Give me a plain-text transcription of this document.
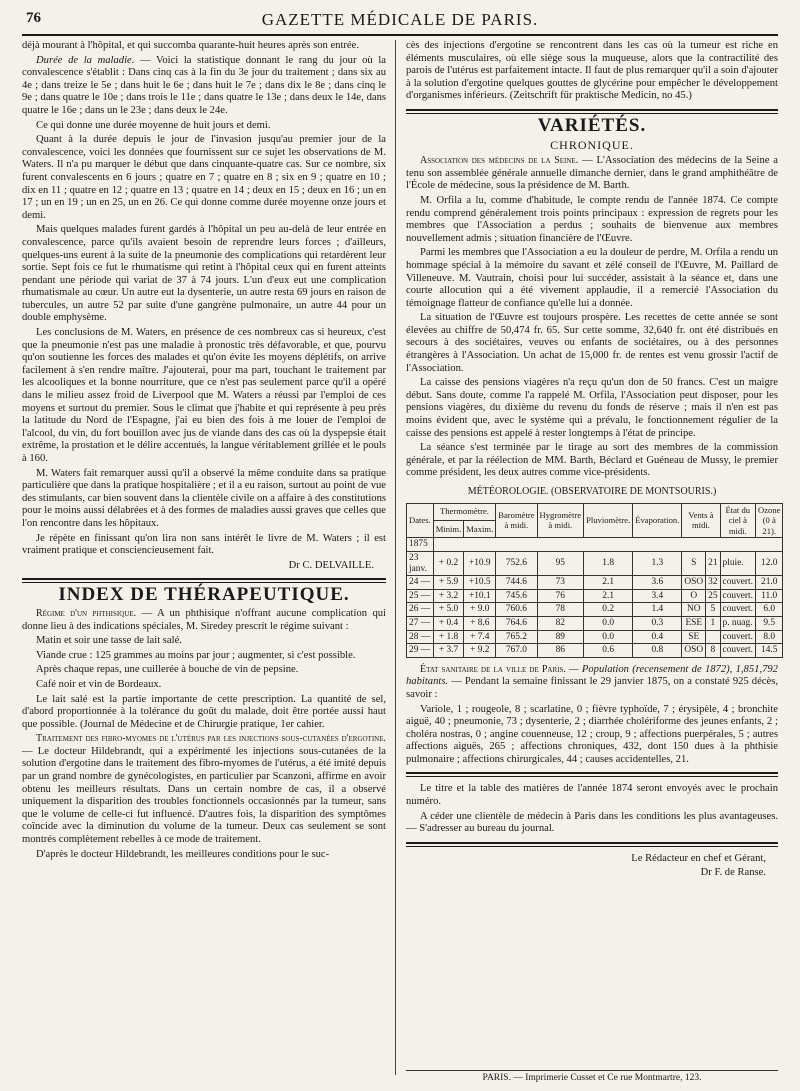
76	GAZETTE MÉDICALE DE PARIS.

déjà mourant à l'hôpital, et qui succomba quarante-huit heures après son entrée.

Durée de la maladie. — Voici la statistique donnant le rang du jour où la convalescence s'établit : Dans cinq cas à la fin du 3e jour du traitement ; dans six au 4e ; dans treize le 5e ; dans huit le 6e ; dans huit le 7e ; dans dix le 8e ; dans cinq le 9e ; dans quatre le 10e ; dans trois le 11e ; dans quatre le 13e ; dans deux le 14e, dans quatre le 16e ; dans un le 23e ; dans deux le 24e.

Ce qui donne une durée moyenne de huit jours et demi.

Quant à la durée depuis le jour de l'invasion jusqu'au premier jour de la convalescence, voici les données que fournissent sur ce sujet les observations de M. Waters. Il n'a pu marquer le début que dans cinquante-quatre cas. Sur ce nombre, six furent convalescents en 6 jours ; quatre en 7 ; quatre en 8 ; six en 9 ; quatre en 10 ; dix en 11 ; quatre en 12 ; quatre en 13 ; quatre en 14 ; deux en 15 ; deux en 16 ; un en 17 ; un en 19 ; un en 25, un en 26. Ce qui donne comme durée moyenne onze jours et demi.

Mais quelques malades furent gardés à l'hôpital un peu au-delà de leur entrée en convalescence, parce qu'ils avaient besoin de reprendre leurs forces ; d'ailleurs, quelques-uns eurent à la suite de la pneumonie des complications qui retardèrent leur sortie. Sept fois ce fut le rhumatisme qui retint à l'hôpital ceux qui en furent atteints pendant une période qui variat de 37 à 74 jours. L'un d'eux eut une complication rhumatismale au cœur. Un autre eut la dysenterie, un autre resta 69 jours en raison de tubercules, un autre 52 par suite d'une gangrène pulmonaire, un autre 44 pour un double emphysème.

Les conclusions de M. Waters, en présence de ces nombreux cas si heureux, c'est que la pneumonie n'est pas une maladie à pronostic très défavorable, et que, pourvu qu'on soutienne les forces des malades et qu'on évite les moyens déplétifs, on arrive facilement à s'en rendre maître. J'ajouterai, pour ma part, touchant le traitement par les alcooliques et la bonne nourriture, que ce n'est pas seulement parce qu'il a opéré dans le milieu assez froid de Liverpool que M. Waters a réussi par l'emploi de ces moyens et surtout du premier. Sous le climat que j'habite et qui représente à peu près la latitude du Nord de l'Espagne, j'ai eu bien des fois à me louer de l'emploi de l'alcool, du vin, du fort bouillon avec jus de viande dans des cas où la dyspepsie était extrême, la prostation et le délire accentués, la langue véritablement grillée et le pouls à 160.

M. Waters fait remarquer aussi qu'il a observé la même conduite dans sa pratique particulière que dans la pratique hospitalière ; et il a eu raison, surtout au point de vue des stimulants, car bien souvent dans la clientèle civile on a affaire à des constitutions pour le moins aussi délabrées et à des formes de maladies aussi graves que celles que l'on rencontre dans les hôpitaux.

Je répète en finissant qu'on lira non sans intérêt le livre de M. Waters ; il est vraiment pratique et consciencieusement fait.

Dr C. DELVAILLE.

INDEX DE THÉRAPEUTIQUE.

Régime d'un phthisique. — A un phthisique n'offrant aucune complication qui donne lieu à des indications spéciales, M. Siredey prescrit le régime suivant :

Matin et soir une tasse de lait salé.

Viande crue : 125 grammes au moins par jour ; augmenter, si c'est possible.

Après chaque repas, une cuillerée à bouche de vin de pepsine.

Café noir et vin de Bordeaux.

Le lait salé est la partie importante de cette prescription. La quantité de sel, d'abord proportionnée à la tolérance du goût du malade, doit être portée aussi haut que possible. (Journal de Médecine et de Chirurgie pratique, 1er cahier.

Traitement des fibro-myomes de l'utérus par les injections sous-cutanées d'ergotine. — Le docteur Hildebrandt, qui a expérimenté les injections sous-cutanées de la solution d'ergotine dans le traitement des fibro-myomes de l'utérus, a été imité depuis par un grand nombre de gynécologistes, en particulier par Scanzoni, affirme en avoir obtenu les meilleurs résultats. Dans un certain nombre de cas, il a observé uniquement la disparition des troubles fonctionnels occasionnés par la tumeur, sans que le volume de celle-ci fut influencé. D'autres fois, la disparition des symptômes coïncide avec la diminution du volume de la tumeur. Deux cas seulement se sont montrés complètement rebelles à ce mode de traitement.

D'après le docteur Hildebrandt, les meilleures conditions pour le suc-

cès des injections d'ergotine se rencontrent dans les cas où la tumeur est riche en éléments musculaires, où elle siège sous la muqueuse, alors que la contractilité des parois de l'utérus est parfaitement intacte. Il faut de plus remarquer qu'il a soin d'ajouter à la solution d'ergotine quelques gouttes de glycérine pour empêcher le développement d'organismes inférieurs. (Zeitschrift für praktische Medicin, no 45.)

VARIÉTÉS.
CHRONIQUE.

Association des médecins de la Seine. — L'Association des médecins de la Seine a tenu son assemblée générale annuelle dimanche dernier, dans le grand amphithéâtre de l'École de médecine, sous la présidence de M. Barth.

M. Orfila a lu, comme d'habitude, le compte rendu de l'année 1874. Ce compte rendu comprend généralement trois points principaux : expression de regrets pour les membres que l'Association a perdus ; souhaits de bienvenue aux membres nouvellement admis ; situation financière de l'Œuvre.

Parmi les membres que l'Association a eu la douleur de perdre, M. Orfila a rendu un hommage spécial à la mémoire du savant et zélé conseil de l'Œuvre, M. Paillard de Villeneuve. M. Vautrain, choisi pour lui succéder, assistait à la séance et, dans une courte allocution qui a été vivement applaudie, il a remercié l'Association du témoignage flatteur de confiance qu'elle lui a donnée.

La situation de l'Œuvre est toujours prospère. Les recettes de cette année se sont élevées au chiffre de 50,474 fr. 65. Sur cette somme, 32,640 fr. ont été distribués en secours à des sociétaires, veuves ou enfants de sociétaires, ou à des personnes étrangères à l'Association. Un achat de 15,000 fr. de rentes est venu grossir l'actif de l'Association.

La caisse des pensions viagères n'a reçu qu'un don de 50 francs. C'est un maigre début. Sans doute, comme l'a rappelé M. Orfila, l'Association peut disposer, pour les pensions viagères, du dixième du revenu du fonds de réserve ; mais il n'en est pas moins évident que, avec le système qui a prévalu, le fonctionnement régulier de la caisse des pensions est appelé à rester longtemps à l'état de principe.

La séance s'est terminée par le tirage au sort des membres de la commission générale, et par la réélection de MM. Barth, Béclard et Guéneau de Mussy, le premier comme président, les deux autres comme vice-présidents.

MÉTÉOROLOGIE. (OBSERVATOIRE DE MONTSOURIS.)
Dates.	Thermomètre.		Baromètre à midi.	Hygromètre à midi.	Pluviomètre.	Évaporation.	Vents à midi.		État du ciel à midi.	Ozone (0 à 21).
	Minim.	Maxim.								
1875										
23 janv.	+ 0.2	+10.9	752.6	95	1.8	1.3	S	21	pluie.	12.0
24 —	+ 5.9	+10.5	744.6	73	2.1	3.6	OSO	32	couvert.	21.0
25 —	+ 3.2	+10.1	745.6	76	2.1	3.4	O	25	couvert.	11.0
26 —	+ 5.0	+ 9.0	760.6	78	0.2	1.4	NO	5	couvert.	6.0
27 —	+ 0.4	+ 8.6	764.6	82	0.0	0.3	ESE	1	p. nuag.	9.5
28 —	+ 1.8	+ 7.4	765.2	89	0.0	0.4	SE		couvert.	8.0
29 —	+ 3.7	+ 9.2	767.0	86	0.6	0.8	OSO	8	couvert.	14.5

État sanitaire de la ville de Paris. — Population (recensement de 1872), 1,851,792 habitants. — Pendant la semaine finissant le 29 janvier 1875, on a constaté 925 décès, savoir :

Variole, 1 ; rougeole, 8 ; scarlatine, 0 ; fièvre typhoïde, 7 ; érysipèle, 4 ; bronchite aiguë, 40 ; pneumonie, 73 ; dysenterie, 2 ; diarrhée cholériforme des jeunes enfants, 2 ; choléra nostras, 0 ; angine couenneuse, 12 ; croup, 9 ; affections puerpérales, 5 ; autres affections aiguës, 265 ; affections chroniques, 432, dont 150 dues à la phthisie pulmonaire ; affections chirurgicales, 44 ; causes accidentelles, 21.

Le titre et la table des matières de l'année 1874 seront envoyés avec le prochain numéro.

A céder une clientèle de médecin à Paris dans les conditions les plus avantageuses. — S'adresser au bureau du journal.

Le Rédacteur en chef et Gérant,

Dr F. de Ranse.

PARIS. — Imprimerie Cusset et Ce rue Montmartre, 123.
